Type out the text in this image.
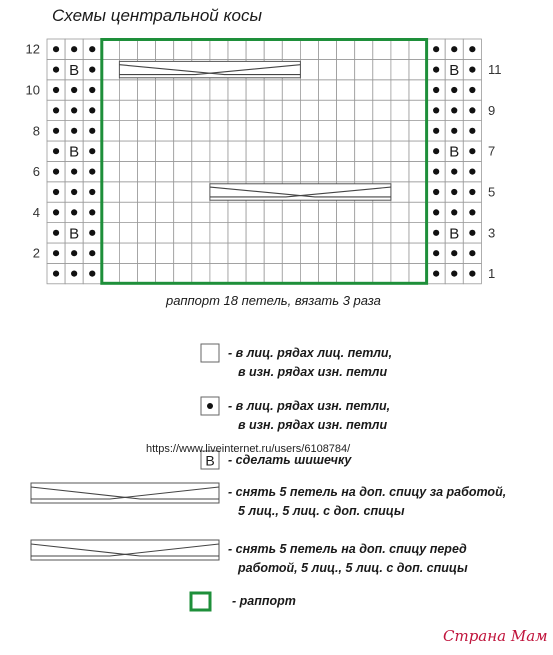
Схемы центральной косы
В	В
В	В
В	В
12
10
8
6
4
2
11
9
7
5
3
1
раппорт 18 петель, вязать 3 раза
- в лиц. рядах лиц. петли,
в изн. рядах изн. петли
- в лиц. рядах изн. петли,
в изн. рядах изн. петли
В - сделать шишечку
- снять 5 петель на доп. спицу за работой,
5 лиц., 5 лиц. с доп. спицы
- снять 5 петель на доп. спицу перед
работой, 5 лиц., 5 лиц. с доп. спицы
- раппорт
https://www.liveinternet.ru/users/6108784/
Страна Мам
